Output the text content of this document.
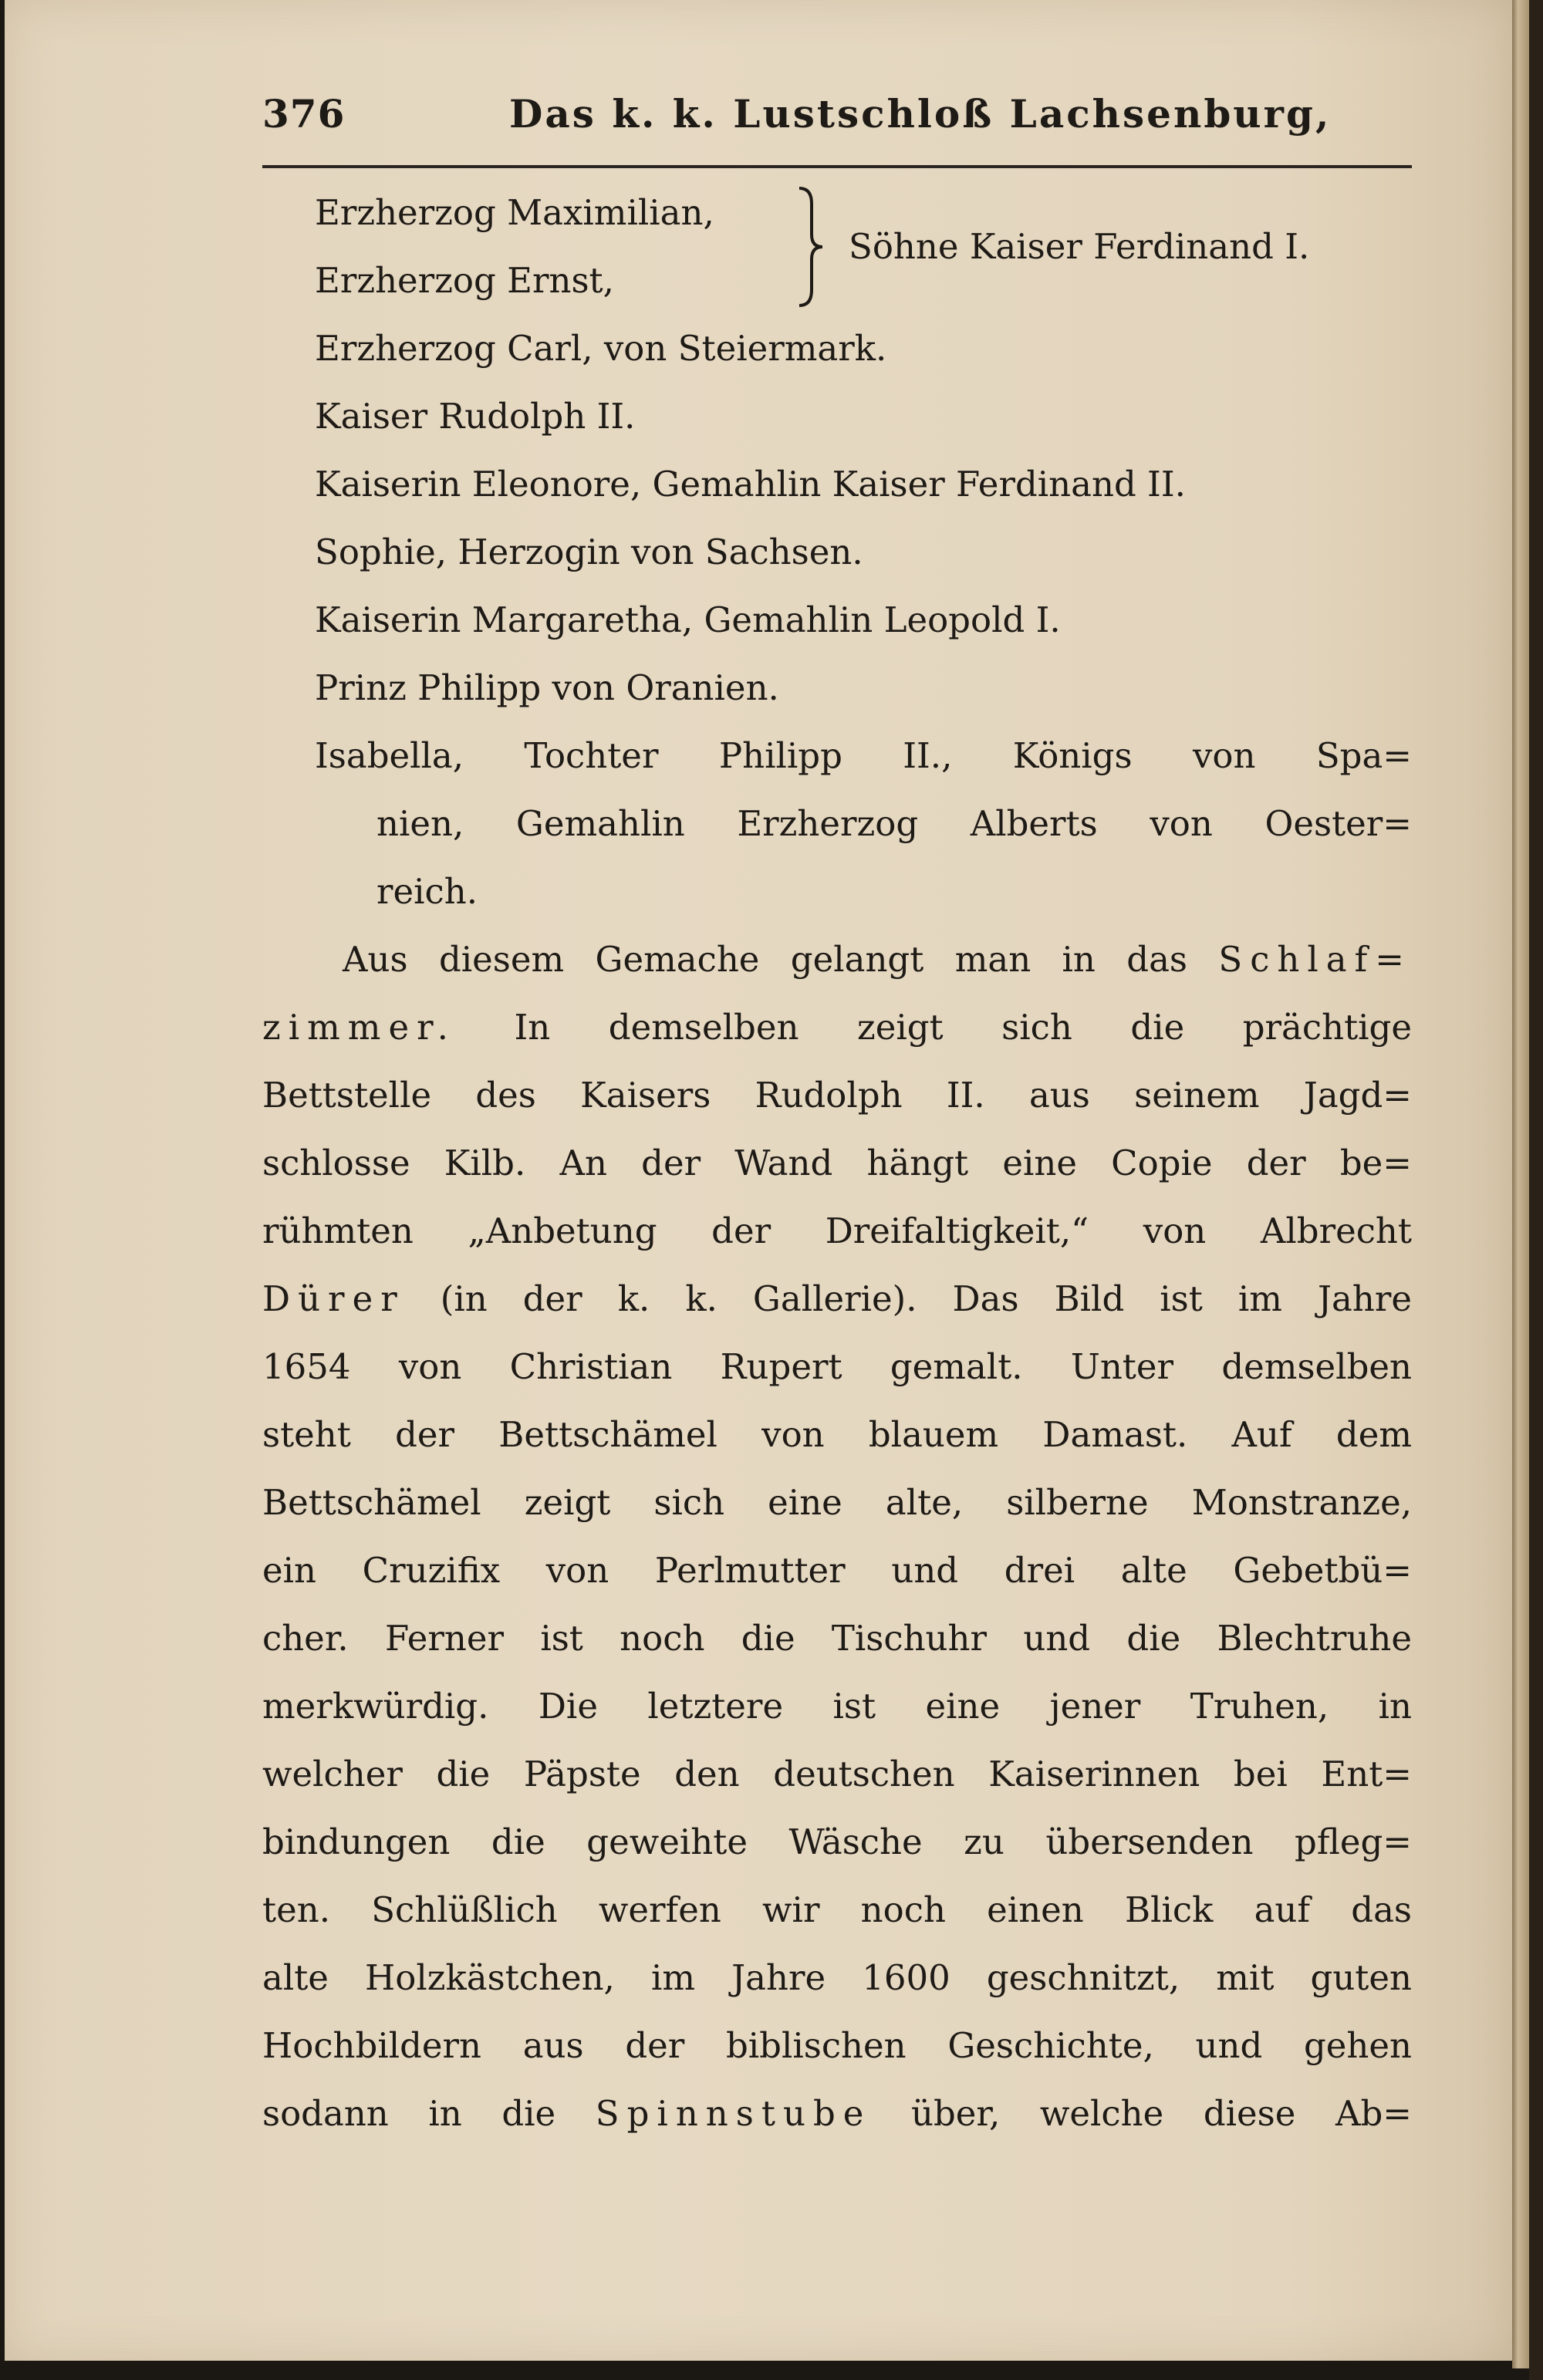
376	Das k. k. Lustschloß Lachsenburg,
Erzherzog Maximilian,
Erzherzog Ernst,
Söhne Kaiser Ferdinand I.
Erzherzog Carl, von Steiermark.
Kaiser Rudolph II.
Kaiserin Eleonore, Gemahlin Kaiser Ferdinand II.
Sophie, Herzogin von Sachsen.
Kaiserin Margaretha, Gemahlin Leopold I.
Prinz Philipp von Oranien.
Isabella, Tochter Philipp II., Königs von Spa=
nien, Gemahlin Erzherzog Alberts von Oester=
reich.
Aus diesem Gemache gelangt man in das Schlaf=
zimmer. In demselben zeigt sich die prächtige
Bettstelle des Kaisers Rudolph II. aus seinem Jagd=
schlosse Kilb. An der Wand hängt eine Copie der be=
rühmten „Anbetung der Dreifaltigkeit,“ von Albrecht
Dürer (in der k. k. Gallerie). Das Bild ist im Jahre
1654 von Christian Rupert gemalt. Unter demselben
steht der Bettschämel von blauem Damast. Auf dem
Bettschämel zeigt sich eine alte, silberne Monstranze,
ein Cruzifix von Perlmutter und drei alte Gebetbü=
cher. Ferner ist noch die Tischuhr und die Blechtruhe
merkwürdig. Die letztere ist eine jener Truhen, in
welcher die Päpste den deutschen Kaiserinnen bei Ent=
bindungen die geweihte Wäsche zu übersenden pfleg=
ten. Schlüßlich werfen wir noch einen Blick auf das
alte Holzkästchen, im Jahre 1600 geschnitzt, mit guten
Hochbildern aus der biblischen Geschichte, und gehen
sodann in die Spinnstube über, welche diese Ab=
